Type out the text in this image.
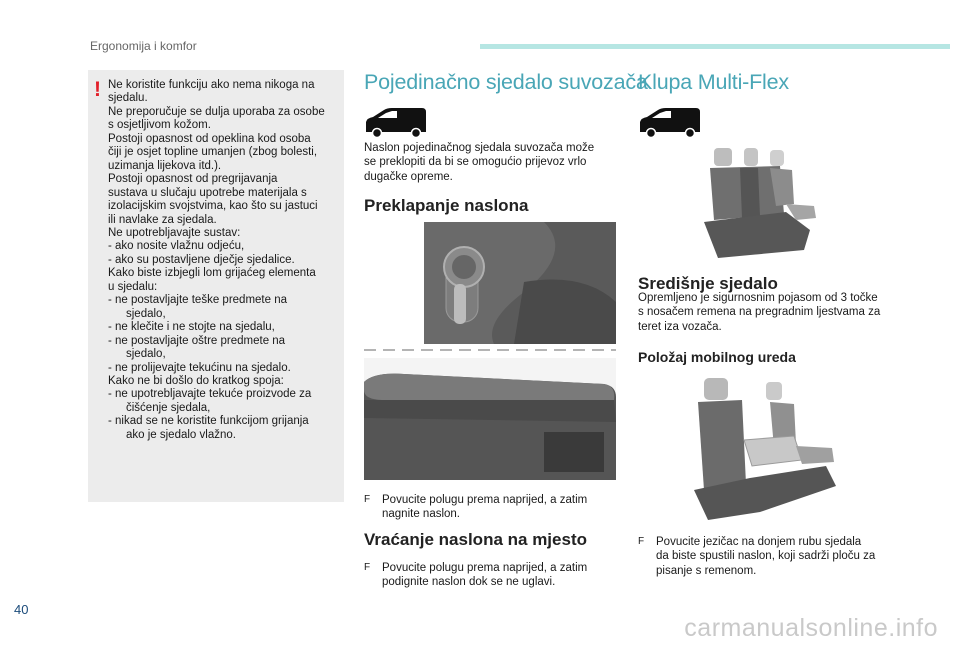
Ergonomija i komfor
! Ne koristite funkciju ako nema nikoga na
sjedalu.
Ne preporučuje se dulja uporaba za osobe
s osjetljivom kožom.
Postoji opasnost od opeklina kod osoba
čiji je osjet topline umanjen (zbog bolesti,
uzimanja lijekova itd.).
Postoji opasnost od pregrijavanja
sustava u slučaju upotrebe materijala s
izolacijskim svojstvima, kao što su jastuci
ili navlake za sjedala.
Ne upotrebljavajte sustav:
- ako nosite vlažnu odjeću,
- ako su postavljene dječje sjedalice.
Kako biste izbjegli lom grijaćeg elementa
u sjedalu:
- ne postavljajte teške predmete na
sjedalo,
- ne klečite i ne stojte na sjedalu,
- ne postavljajte oštre predmete na
sjedalo,
- ne prolijevajte tekućinu na sjedalo.
Kako ne bi došlo do kratkog spoja:
- ne upotrebljavajte tekuće proizvode za
čišćenje sjedala,
- nikad se ne koristite funkcijom grijanja
ako je sjedalo vlažno.
Pojedinačno sjedalo suvozača
Naslon pojedinačnog sjedala suvozača može
se preklopiti da bi se omogućio prijevoz vrlo
dugačke opreme.
Preklapanje naslona
F	Povucite polugu prema naprijed, a zatim
nagnite naslon.
Vraćanje naslona na mjesto
F	Povucite polugu prema naprijed, a zatim
podignite naslon dok se ne uglavi.
Klupa Multi-Flex
Središnje sjedalo
Opremljeno je sigurnosnim pojasom od 3 točke
s nosačem remena na pregradnim ljestvama za
teret iza vozača.
Položaj mobilnog ureda
F	Povucite jezičac na donjem rubu sjedala
da biste spustili naslon, koji sadrži ploču za
pisanje s remenom.
40
carmanualsonline.info
